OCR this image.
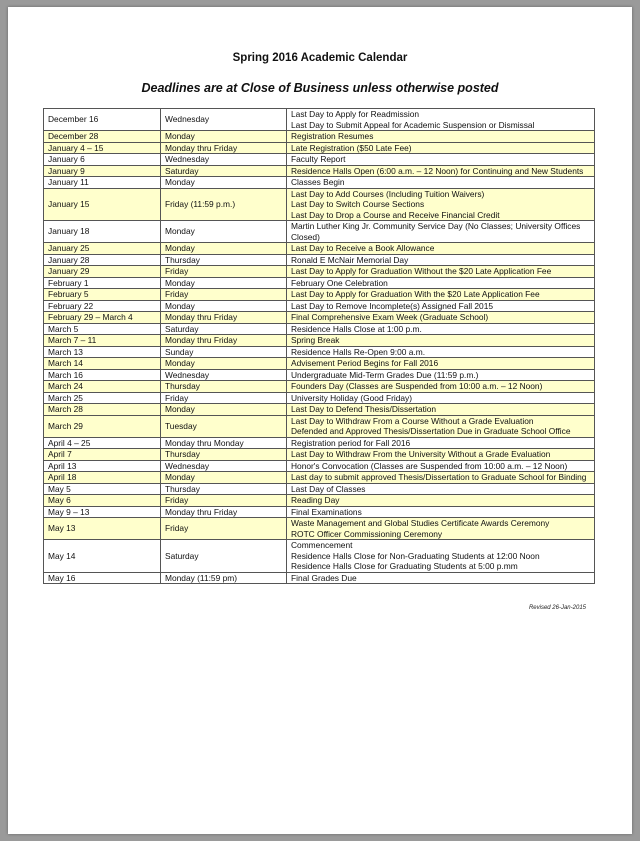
Spring 2016 Academic Calendar
Deadlines are at Close of Business unless otherwise posted
December 16	Wednesday	Last Day to Apply for Readmission
Last Day to Submit Appeal for Academic Suspension or Dismissal

December 28	Monday	Registration Resumes

January 4 – 15	Monday thru Friday	Late Registration ($50 Late Fee)

January 6	Wednesday	Faculty Report

January 9	Saturday	Residence Halls Open (6:00 a.m. – 12 Noon) for Continuing and New Students

January 11	Monday	Classes Begin

January 15	Friday (11:59 p.m.)	Last Day to Add Courses (Including Tuition Waivers)
Last Day to Switch Course Sections
Last Day to Drop a Course and Receive Financial Credit

January 18	Monday	Martin Luther King Jr. Community Service Day (No Classes; University Offices Closed)

January 25	Monday	Last Day to Receive a Book Allowance

January 28	Thursday	Ronald E McNair Memorial Day

January 29	Friday	Last Day to Apply for Graduation Without the $20 Late Application Fee

February 1	Monday	February One Celebration

February 5	Friday	Last Day to Apply for Graduation With the $20 Late Application Fee

February 22	Monday	Last Day to Remove Incomplete(s) Assigned Fall 2015

February 29 – March 4	Monday thru Friday	Final Comprehensive Exam Week (Graduate School)

March 5	Saturday	Residence Halls Close at 1:00 p.m.

March 7 – 11	Monday thru Friday	Spring Break

March 13	Sunday	Residence Halls Re-Open 9:00 a.m.

March 14	Monday	Advisement Period Begins for Fall 2016

March 16	Wednesday	Undergraduate Mid-Term Grades Due (11:59 p.m.)

March 24	Thursday	Founders Day (Classes are Suspended from 10:00 a.m. – 12 Noon)

March 25	Friday	University Holiday (Good Friday)

March 28	Monday	Last Day to Defend Thesis/Dissertation

March 29	Tuesday	Last Day to Withdraw From a Course Without a Grade Evaluation
Defended and Approved Thesis/Dissertation Due in Graduate School Office

April 4 – 25	Monday thru Monday	Registration period for Fall 2016

April 7	Thursday	Last Day to Withdraw From the University Without a Grade Evaluation

April 13	Wednesday	Honor's Convocation (Classes are Suspended from 10:00 a.m. – 12 Noon)

April 18	Monday	Last day to submit approved Thesis/Dissertation to Graduate School for Binding

May 5	Thursday	Last Day of Classes

May 6	Friday	Reading Day

May 9 – 13	Monday thru Friday	Final Examinations

May 13	Friday	Waste Management and Global Studies Certificate Awards Ceremony
ROTC Officer Commissioning Ceremony

May 14	Saturday	Commencement
Residence Halls Close for Non-Graduating Students at 12:00 Noon
Residence Halls Close for Graduating Students at 5:00 p.mm

May 16	Monday (11:59 pm)	Final Grades Due
Revised 26-Jan-2015
